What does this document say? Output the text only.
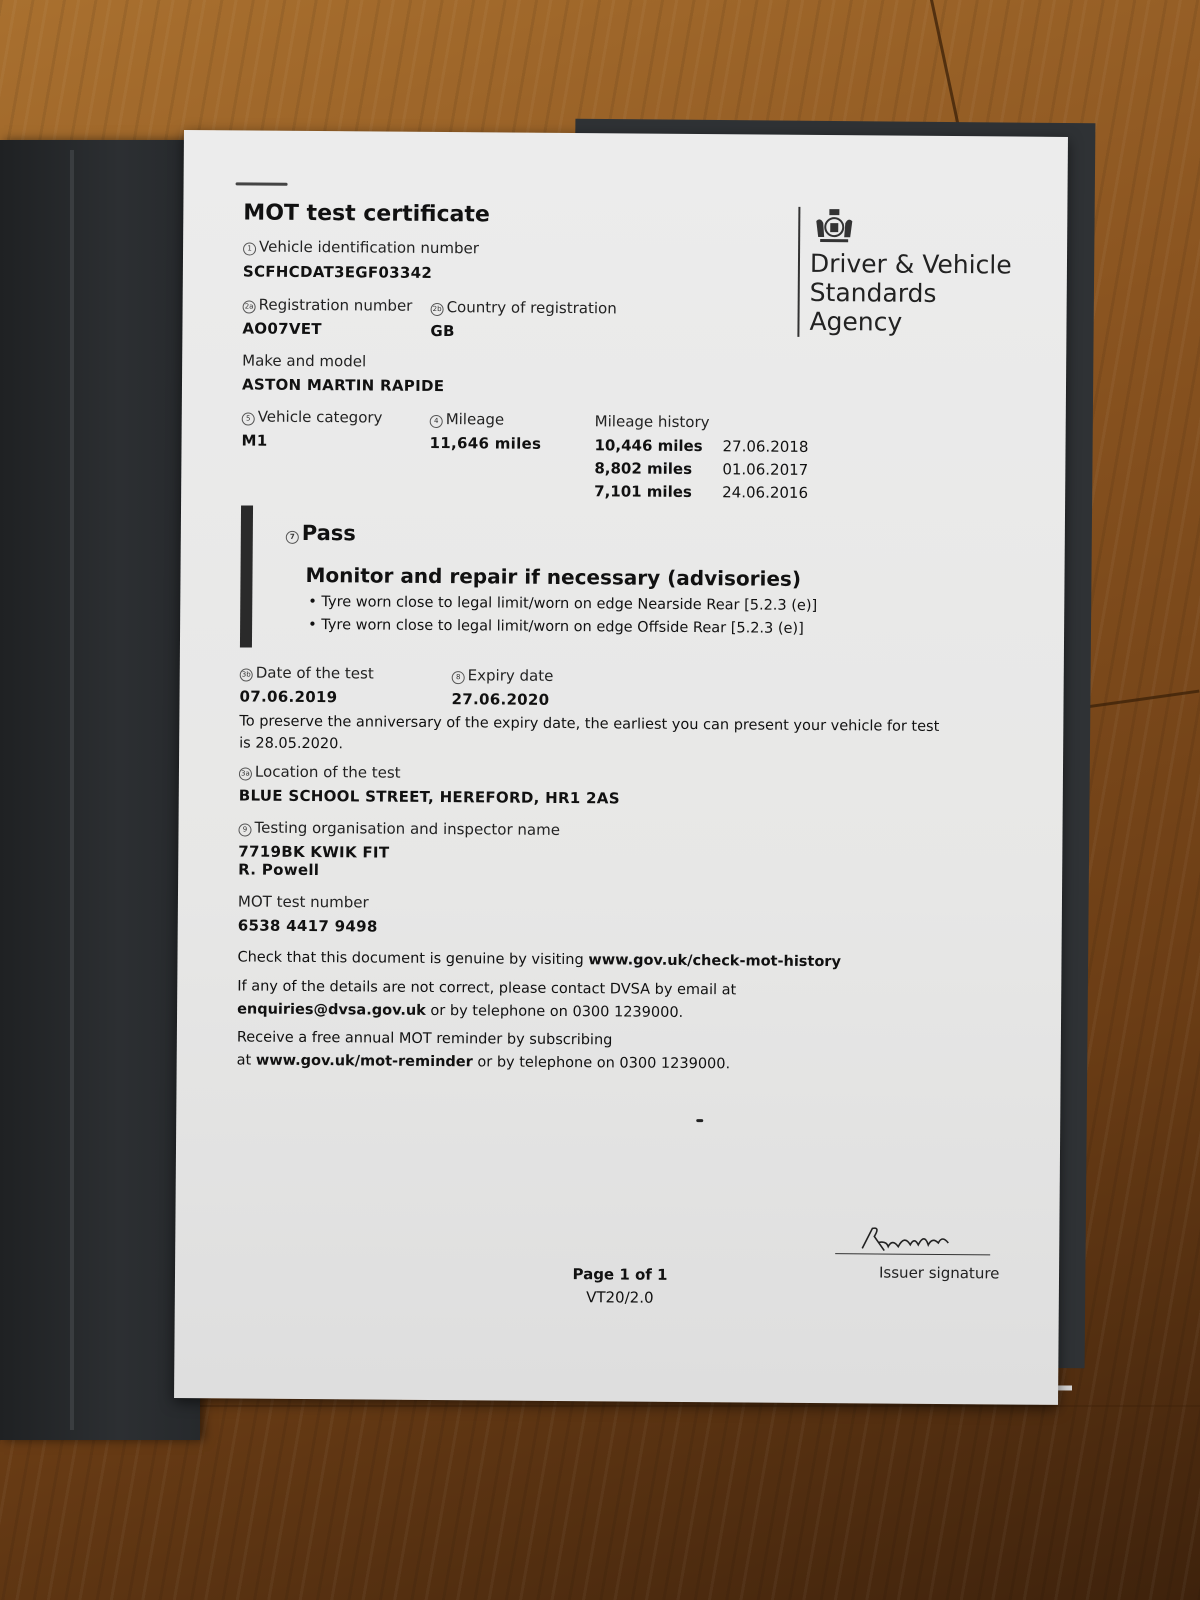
MOT test certificate
1 Vehicle identification number
SCFHCDAT3EGF03342
2a Registration number
AO07VET
2b Country of registration
GB
Make and model
ASTON MARTIN RAPIDE
5 Vehicle category
M1
4 Mileage
11,646 miles
Mileage history
10,446 miles 27.06.2018
8,802 miles 01.06.2017
7,101 miles 24.06.2016
7 Pass
Monitor and repair if necessary (advisories)
• Tyre worn close to legal limit/worn on edge Nearside Rear [5.2.3 (e)]
• Tyre worn close to legal limit/worn on edge Offside Rear [5.2.3 (e)]
3b Date of the test
07.06.2019
8 Expiry date
27.06.2020
To preserve the anniversary of the expiry date, the earliest you can present your vehicle for test is 28.05.2020.
3a Location of the test
BLUE SCHOOL STREET, HEREFORD, HR1 2AS
9 Testing organisation and inspector name
7719BK KWIK FIT
R. Powell
MOT test number
6538 4417 9498
Check that this document is genuine by visiting www.gov.uk/check-mot-history
If any of the details are not correct, please contact DVSA by email at
enquiries@dvsa.gov.uk or by telephone on 0300 1239000.
Receive a free annual MOT reminder by subscribing
at www.gov.uk/mot-reminder or by telephone on 0300 1239000.
Driver & Vehicle
Standards
Agency
Issuer signature
Page 1 of 1
VT20/2.0
